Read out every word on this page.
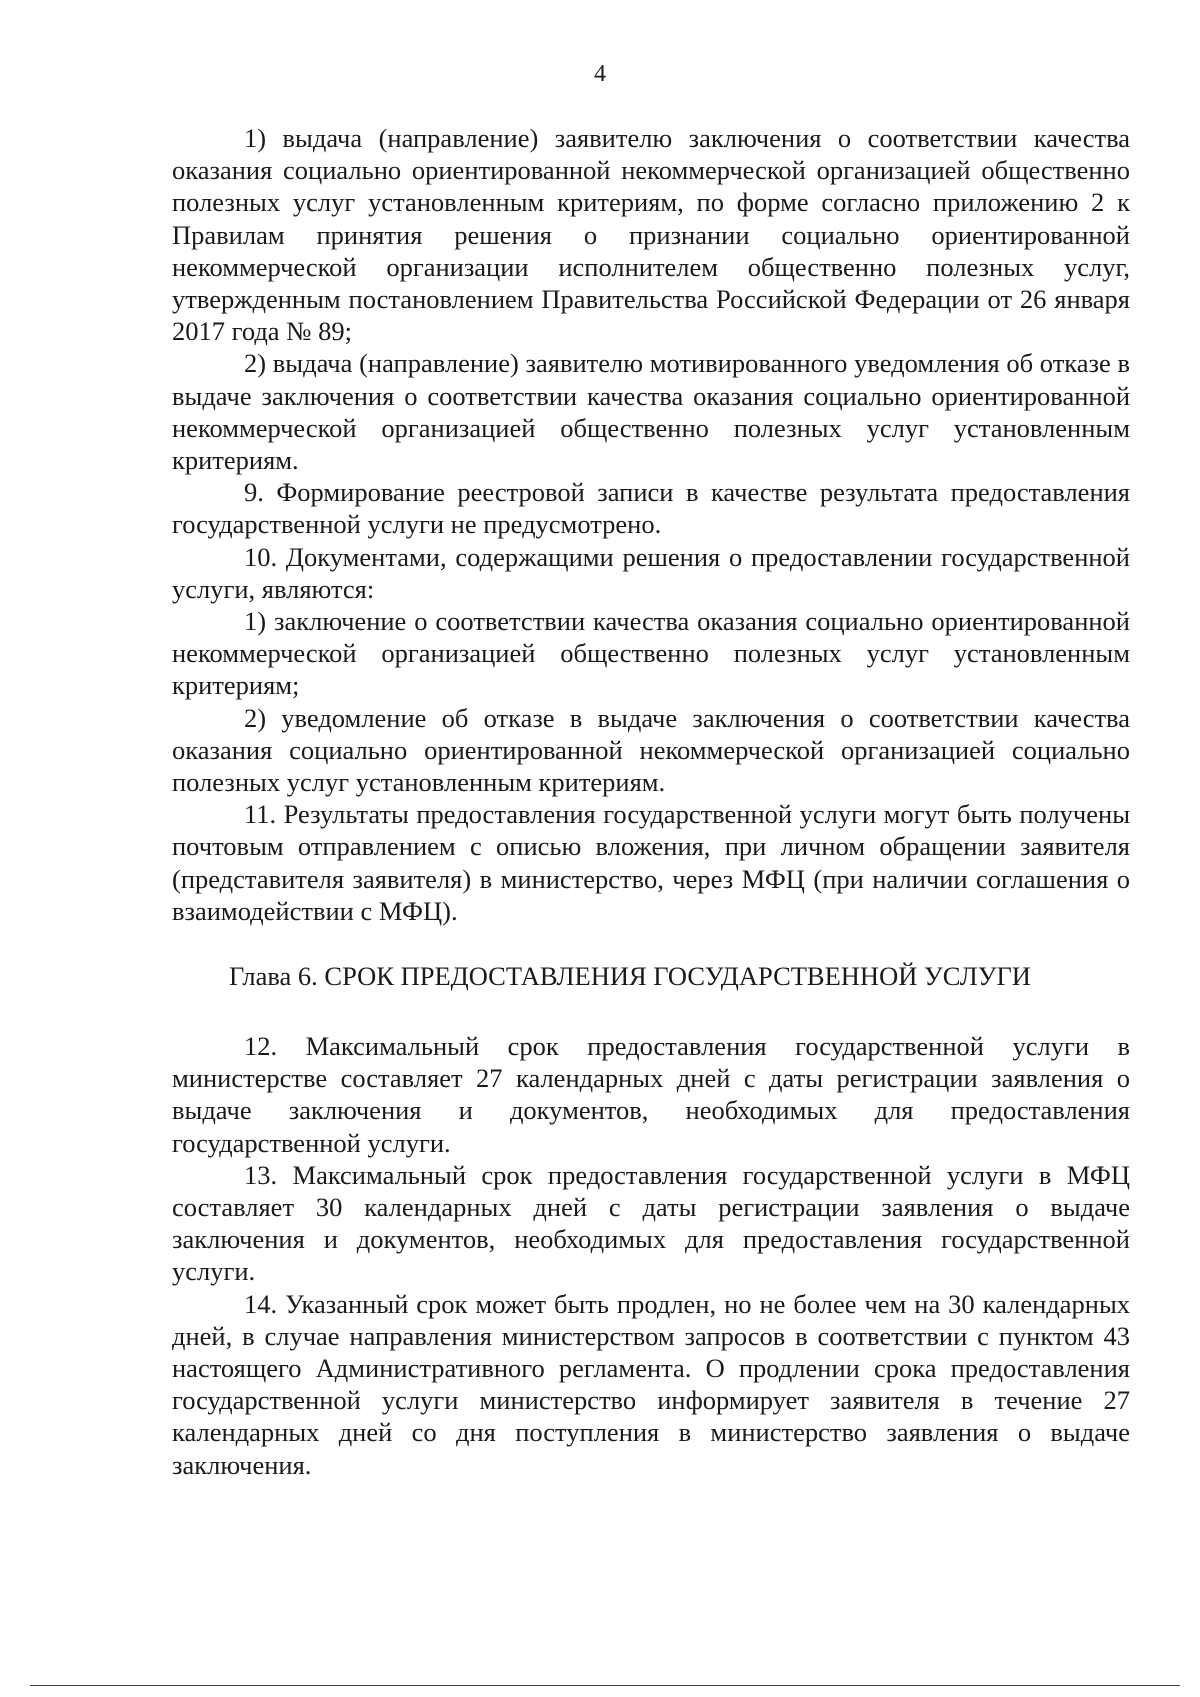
4

1) выдача (направление) заявителю заключения о соответствии качества оказания социально ориентированной некоммерческой организацией общественно полезных услуг установленным критериям, по форме согласно приложению 2 к Правилам принятия решения о признании социально ориентированной некоммерческой организации исполнителем общественно полезных услуг, утвержденным постановлением Правительства Российской Федерации от 26 января 2017 года № 89;

2) выдача (направление) заявителю мотивированного уведомления об отказе в выдаче заключения о соответствии качества оказания социально ориентированной некоммерческой организацией общественно полезных услуг установленным критериям.

9. Формирование реестровой записи в качестве результата предоставления государственной услуги не предусмотрено.

10. Документами, содержащими решения о предоставлении государственной услуги, являются:

1) заключение о соответствии качества оказания социально ориентированной некоммерческой организацией общественно полезных услуг установленным критериям;

2) уведомление об отказе в выдаче заключения о соответствии качества оказания социально ориентированной некоммерческой организацией социально полезных услуг установленным критериям.

11. Результаты предоставления государственной услуги могут быть получены почтовым отправлением с описью вложения, при личном обращении заявителя (представителя заявителя) в министерство, через МФЦ (при наличии соглашения о взаимодействии с МФЦ).

Глава 6. СРОК ПРЕДОСТАВЛЕНИЯ ГОСУДАРСТВЕННОЙ УСЛУГИ

12. Максимальный срок предоставления государственной услуги в министерстве составляет 27 календарных дней с даты регистрации заявления о выдаче заключения и документов, необходимых для предоставления государственной услуги.

13. Максимальный срок предоставления государственной услуги в МФЦ составляет 30 календарных дней с даты регистрации заявления о выдаче заключения и документов, необходимых для предоставления государственной услуги.

14. Указанный срок может быть продлен, но не более чем на 30 календарных дней, в случае направления министерством запросов в соответствии с пунктом 43 настоящего Административного регламента. О продлении срока предоставления государственной услуги министерство информирует заявителя в течение 27 календарных дней со дня поступления в министерство заявления о выдаче заключения.
